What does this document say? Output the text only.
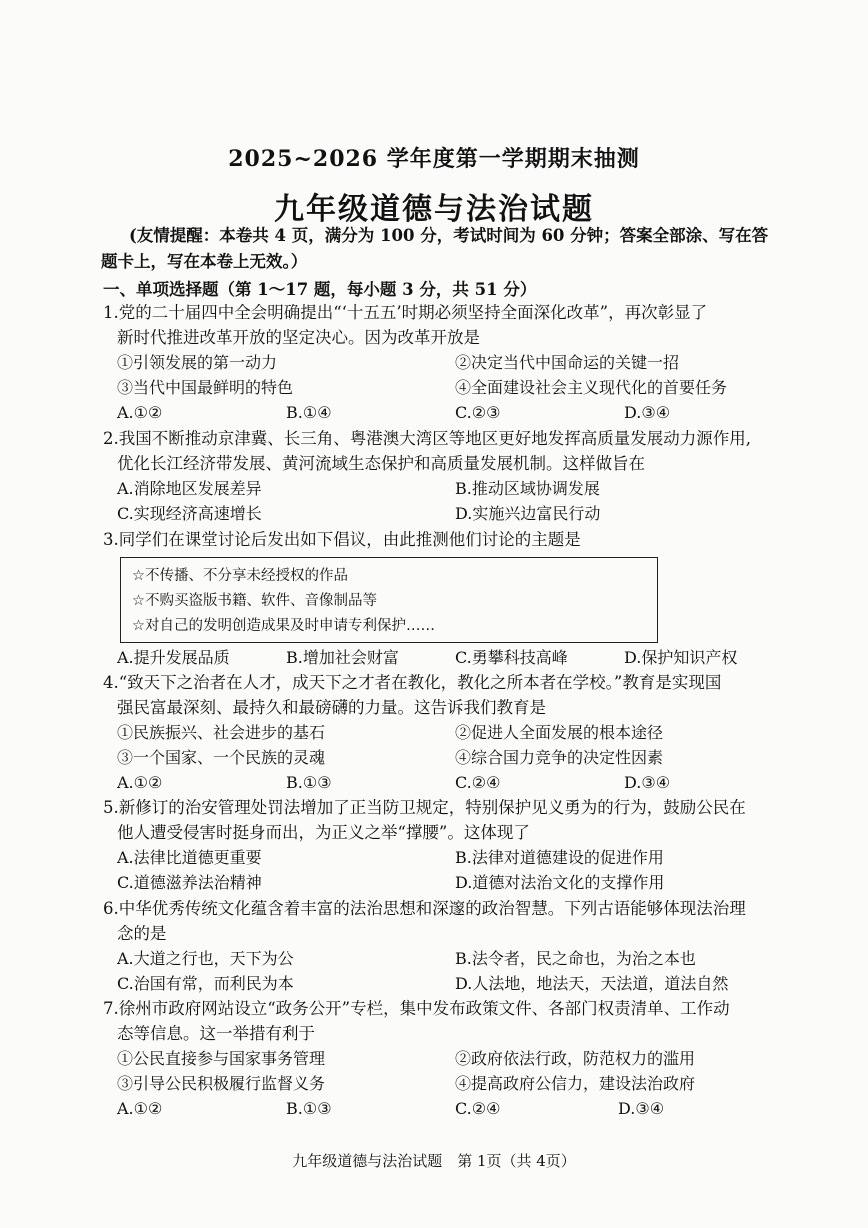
2025~2026 学年度第一学期期末抽测
九年级道德与法治试题
(友情提醒：本卷共 4 页，满分为 100 分，考试时间为 60 分钟；答案全部涂、写在答
题卡上，写在本卷上无效。）
一、单项选择题（第 1～17 题，每小题 3 分，共 51 分）
1.党的二十届四中全会明确提出“‘十五五’时期必须坚持全面深化改革”，再次彰显了
新时代推进改革开放的坚定决心。因为改革开放是
①引领发展的第一动力	②决定当代中国命运的关键一招
③当代中国最鲜明的特色	④全面建设社会主义现代化的首要任务
A.①②	B.①④	C.②③	D.③④
2.我国不断推动京津冀、长三角、粤港澳大湾区等地区更好地发挥高质量发展动力源作用,
优化长江经济带发展、黄河流域生态保护和高质量发展机制。这样做旨在
A.消除地区发展差异	B.推动区域协调发展
C.实现经济高速增长	D.实施兴边富民行动
3.同学们在课堂讨论后发出如下倡议，由此推测他们讨论的主题是
☆不传播、不分享未经授权的作品
☆不购买盗版书籍、软件、音像制品等
☆对自己的发明创造成果及时申请专利保护……
A.提升发展品质	B.增加社会财富	C.勇攀科技高峰	D.保护知识产权
4.“致天下之治者在人才，成天下之才者在教化，教化之所本者在学校。”教育是实现国
强民富最深刻、最持久和最磅礴的力量。这告诉我们教育是
①民族振兴、社会进步的基石	②促进人全面发展的根本途径
③一个国家、一个民族的灵魂	④综合国力竞争的决定性因素
A.①②	B.①③	C.②④	D.③④
5.新修订的治安管理处罚法增加了正当防卫规定，特别保护见义勇为的行为，鼓励公民在
他人遭受侵害时挺身而出，为正义之举“撑腰”。这体现了
A.法律比道德更重要	B.法律对道德建设的促进作用
C.道德滋养法治精神	D.道德对法治文化的支撑作用
6.中华优秀传统文化蕴含着丰富的法治思想和深邃的政治智慧。下列古语能够体现法治理
念的是
A.大道之行也，天下为公	B.法令者，民之命也，为治之本也
C.治国有常，而利民为本	D.人法地，地法天，天法道，道法自然
7.徐州市政府网站设立“政务公开”专栏，集中发布政策文件、各部门权责清单、工作动
态等信息。这一举措有利于
①公民直接参与国家事务管理	②政府依法行政，防范权力的滥用
③引导公民积极履行监督义务	④提高政府公信力，建设法治政府
A.①②	B.①③	C.②④	D.③④
九年级道德与法治试题　第 1页（共 4页）
